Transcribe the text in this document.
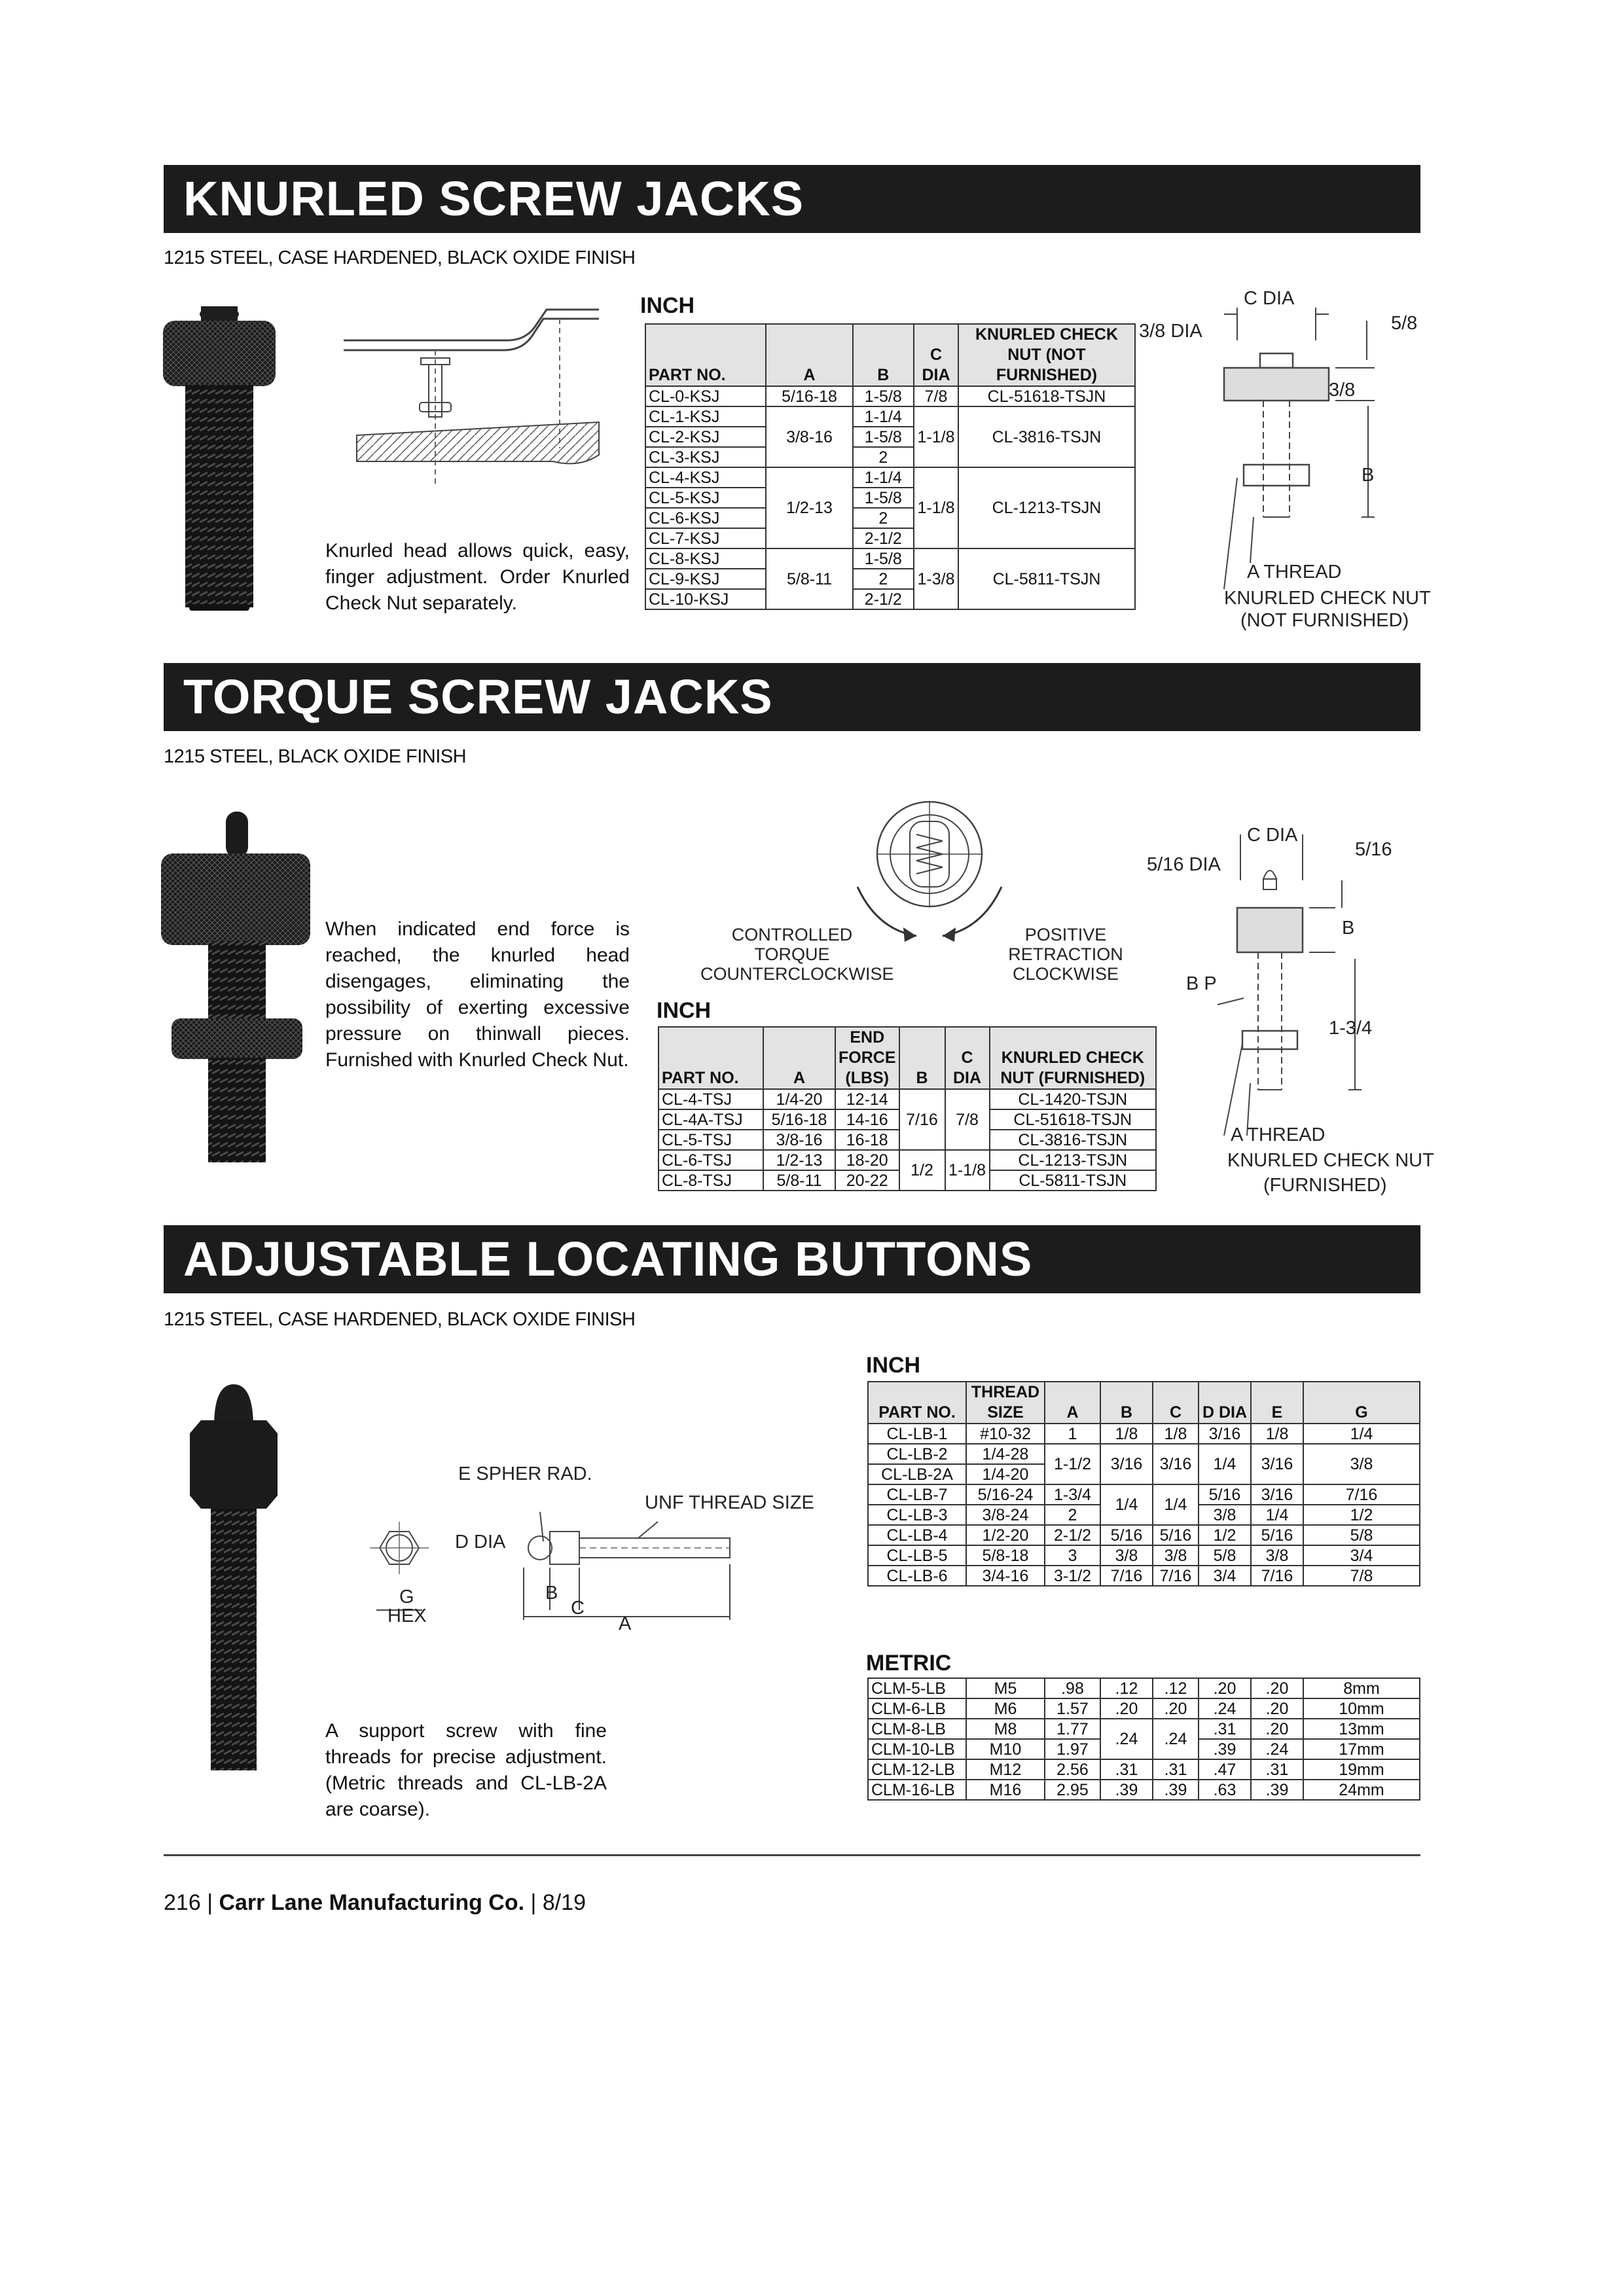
KNURLED SCREW JACKS
1215 STEEL, CASE HARDENED, BLACK OXIDE FINISH
Knurled head allows quick, easy, finger adjustment. Order Knurled Check Nut separately.
INCH
PART NO.	A	B	C DIA	KNURLED CHECK NUT (NOT FURNISHED)
CL-0-KSJ	5/16-18	1-5/8	7/8	CL-51618-TSJN
CL-1-KSJ	3/8-16	1-1/4	1-1/8	CL-3816-TSJN
CL-2-KSJ		1-5/8		
CL-3-KSJ		2		
CL-4-KSJ	1/2-13	1-1/4	1-1/8	CL-1213-TSJN
CL-5-KSJ		1-5/8		
CL-6-KSJ		2		
CL-7-KSJ		2-1/2		
CL-8-KSJ	5/8-11	1-5/8	1-3/8	CL-5811-TSJN
CL-9-KSJ		2		
CL-10-KSJ		2-1/2		
C DIA
3/8 DIA	5/8
3/8
B
A THREAD
KNURLED CHECK NUT
(NOT FURNISHED)
TORQUE SCREW JACKS
1215 STEEL, BLACK OXIDE FINISH
When indicated end force is reached, the knurled head disengages, eliminating the possibility of exerting excessive pressure on thinwall pieces. Furnished with Knurled Check Nut.
CONTROLLED TORQUE COUNTERCLOCKWISE
POSITIVE RETRACTION CLOCKWISE
INCH
PART NO.	A	END FORCE (LBS)	B	C DIA	KNURLED CHECK NUT (FURNISHED)
CL-4-TSJ	1/4-20	12-14	7/16	7/8	CL-1420-TSJN
CL-4A-TSJ	5/16-18	14-16			CL-51618-TSJN
CL-5-TSJ	3/8-16	16-18			CL-3816-TSJN
CL-6-TSJ	1/2-13	18-20	1/2	1-1/8	CL-1213-TSJN
CL-8-TSJ	5/8-11	20-22			CL-5811-TSJN
C DIA
5/16 DIA
5/16
B
B P
1-3/4
A THREAD
KNURLED CHECK NUT
(FURNISHED)
ADJUSTABLE LOCATING BUTTONS
1215 STEEL, CASE HARDENED, BLACK OXIDE FINISH
E SPHER RAD.
UNF THREAD SIZE
D DIA
G
HEX
B
C
A
A support screw with fine threads for precise adjustment. (Metric threads and CL-LB-2A are coarse).
INCH
PART NO.	THREAD SIZE	A	B	C	D DIA	E	G
CL-LB-1	#10-32	1	1/8	1/8	3/16	1/8	1/4
CL-LB-2	1/4-28	1-1/2	3/16	3/16	1/4	3/16	3/8
CL-LB-2A	1/4-20						
CL-LB-7	5/16-24	1-3/4	1/4	1/4	5/16	3/16	7/16
CL-LB-3	3/8-24	2			3/8	1/4	1/2
CL-LB-4	1/2-20	2-1/2	5/16	5/16	1/2	5/16	5/8
CL-LB-5	5/8-18	3	3/8	3/8	5/8	3/8	3/4
CL-LB-6	3/4-16	3-1/2	7/16	7/16	3/4	7/16	7/8
METRIC
CLM-5-LB	M5	.98	.12	.12	.20	.20	8mm
CLM-6-LB	M6	1.57	.20	.20	.24	.20	10mm
CLM-8-LB	M8	1.77	.24	.24	.31	.20	13mm
CLM-10-LB	M10	1.97			.39	.24	17mm
CLM-12-LB	M12	2.56	.31	.31	.47	.31	19mm
CLM-16-LB	M16	2.95	.39	.39	.63	.39	24mm
216 | Carr Lane Manufacturing Co. | 8/19
